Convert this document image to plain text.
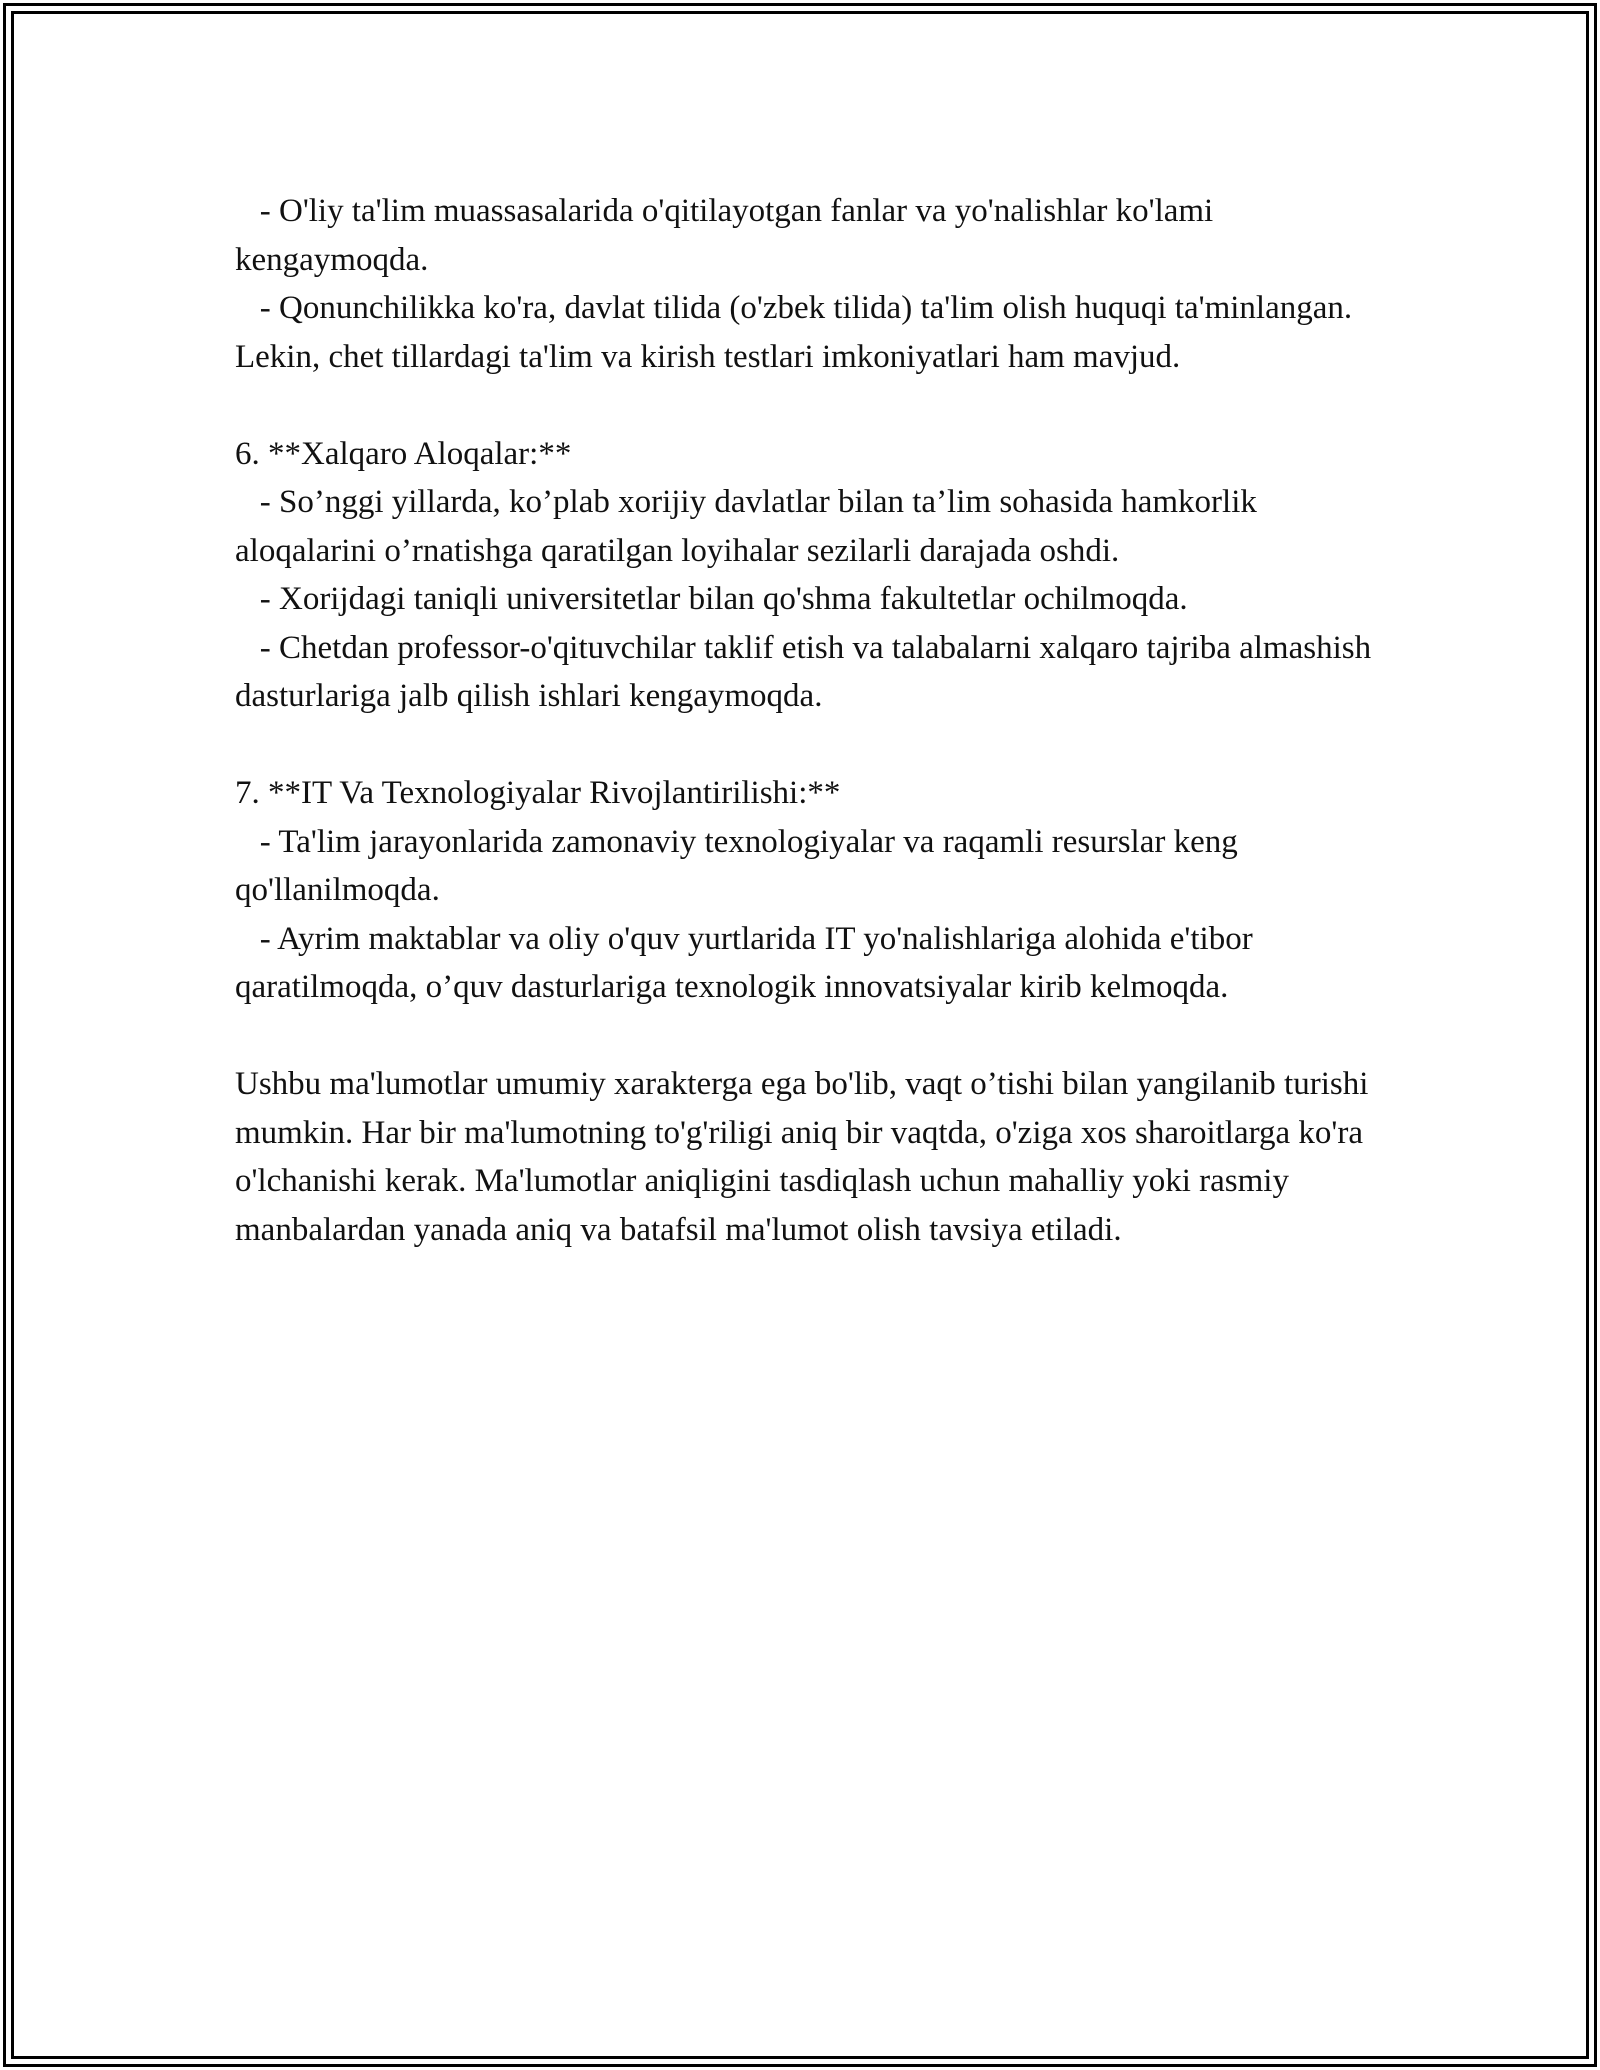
- O'liy ta'lim muassasalarida o'qitilayotgan fanlar va yo'nalishlar ko'lami kengaymoqda.

- Qonunchilikka ko'ra, davlat tilida (o'zbek tilida) ta'lim olish huquqi ta'minlangan. Lekin, chet tillardagi ta'lim va kirish testlari imkoniyatlari ham mavjud.

6. **Xalqaro Aloqalar:**

- So’nggi yillarda, ko’plab xorijiy davlatlar bilan ta’lim sohasida hamkorlik aloqalarini o’rnatishga qaratilgan loyihalar sezilarli darajada oshdi.

- Xorijdagi taniqli universitetlar bilan qo'shma fakultetlar ochilmoqda.

- Chetdan professor-o'qituvchilar taklif etish va talabalarni xalqaro tajriba almashish dasturlariga jalb qilish ishlari kengaymoqda.

7. **IT Va Texnologiyalar Rivojlantirilishi:**

- Ta'lim jarayonlarida zamonaviy texnologiyalar va raqamli resurslar keng qo'llanilmoqda.

- Ayrim maktablar va oliy o'quv yurtlarida IT yo'nalishlariga alohida e'tibor qaratilmoqda, o’quv dasturlariga texnologik innovatsiyalar kirib kelmoqda.

Ushbu ma'lumotlar umumiy xarakterga ega bo'lib, vaqt o’tishi bilan yangilanib turishi mumkin. Har bir ma'lumotning to'g'riligi aniq bir vaqtda, o'ziga xos sharoitlarga ko'ra o'lchanishi kerak. Ma'lumotlar aniqligini tasdiqlash uchun mahalliy yoki rasmiy manbalardan yanada aniq va batafsil ma'lumot olish tavsiya etiladi.
